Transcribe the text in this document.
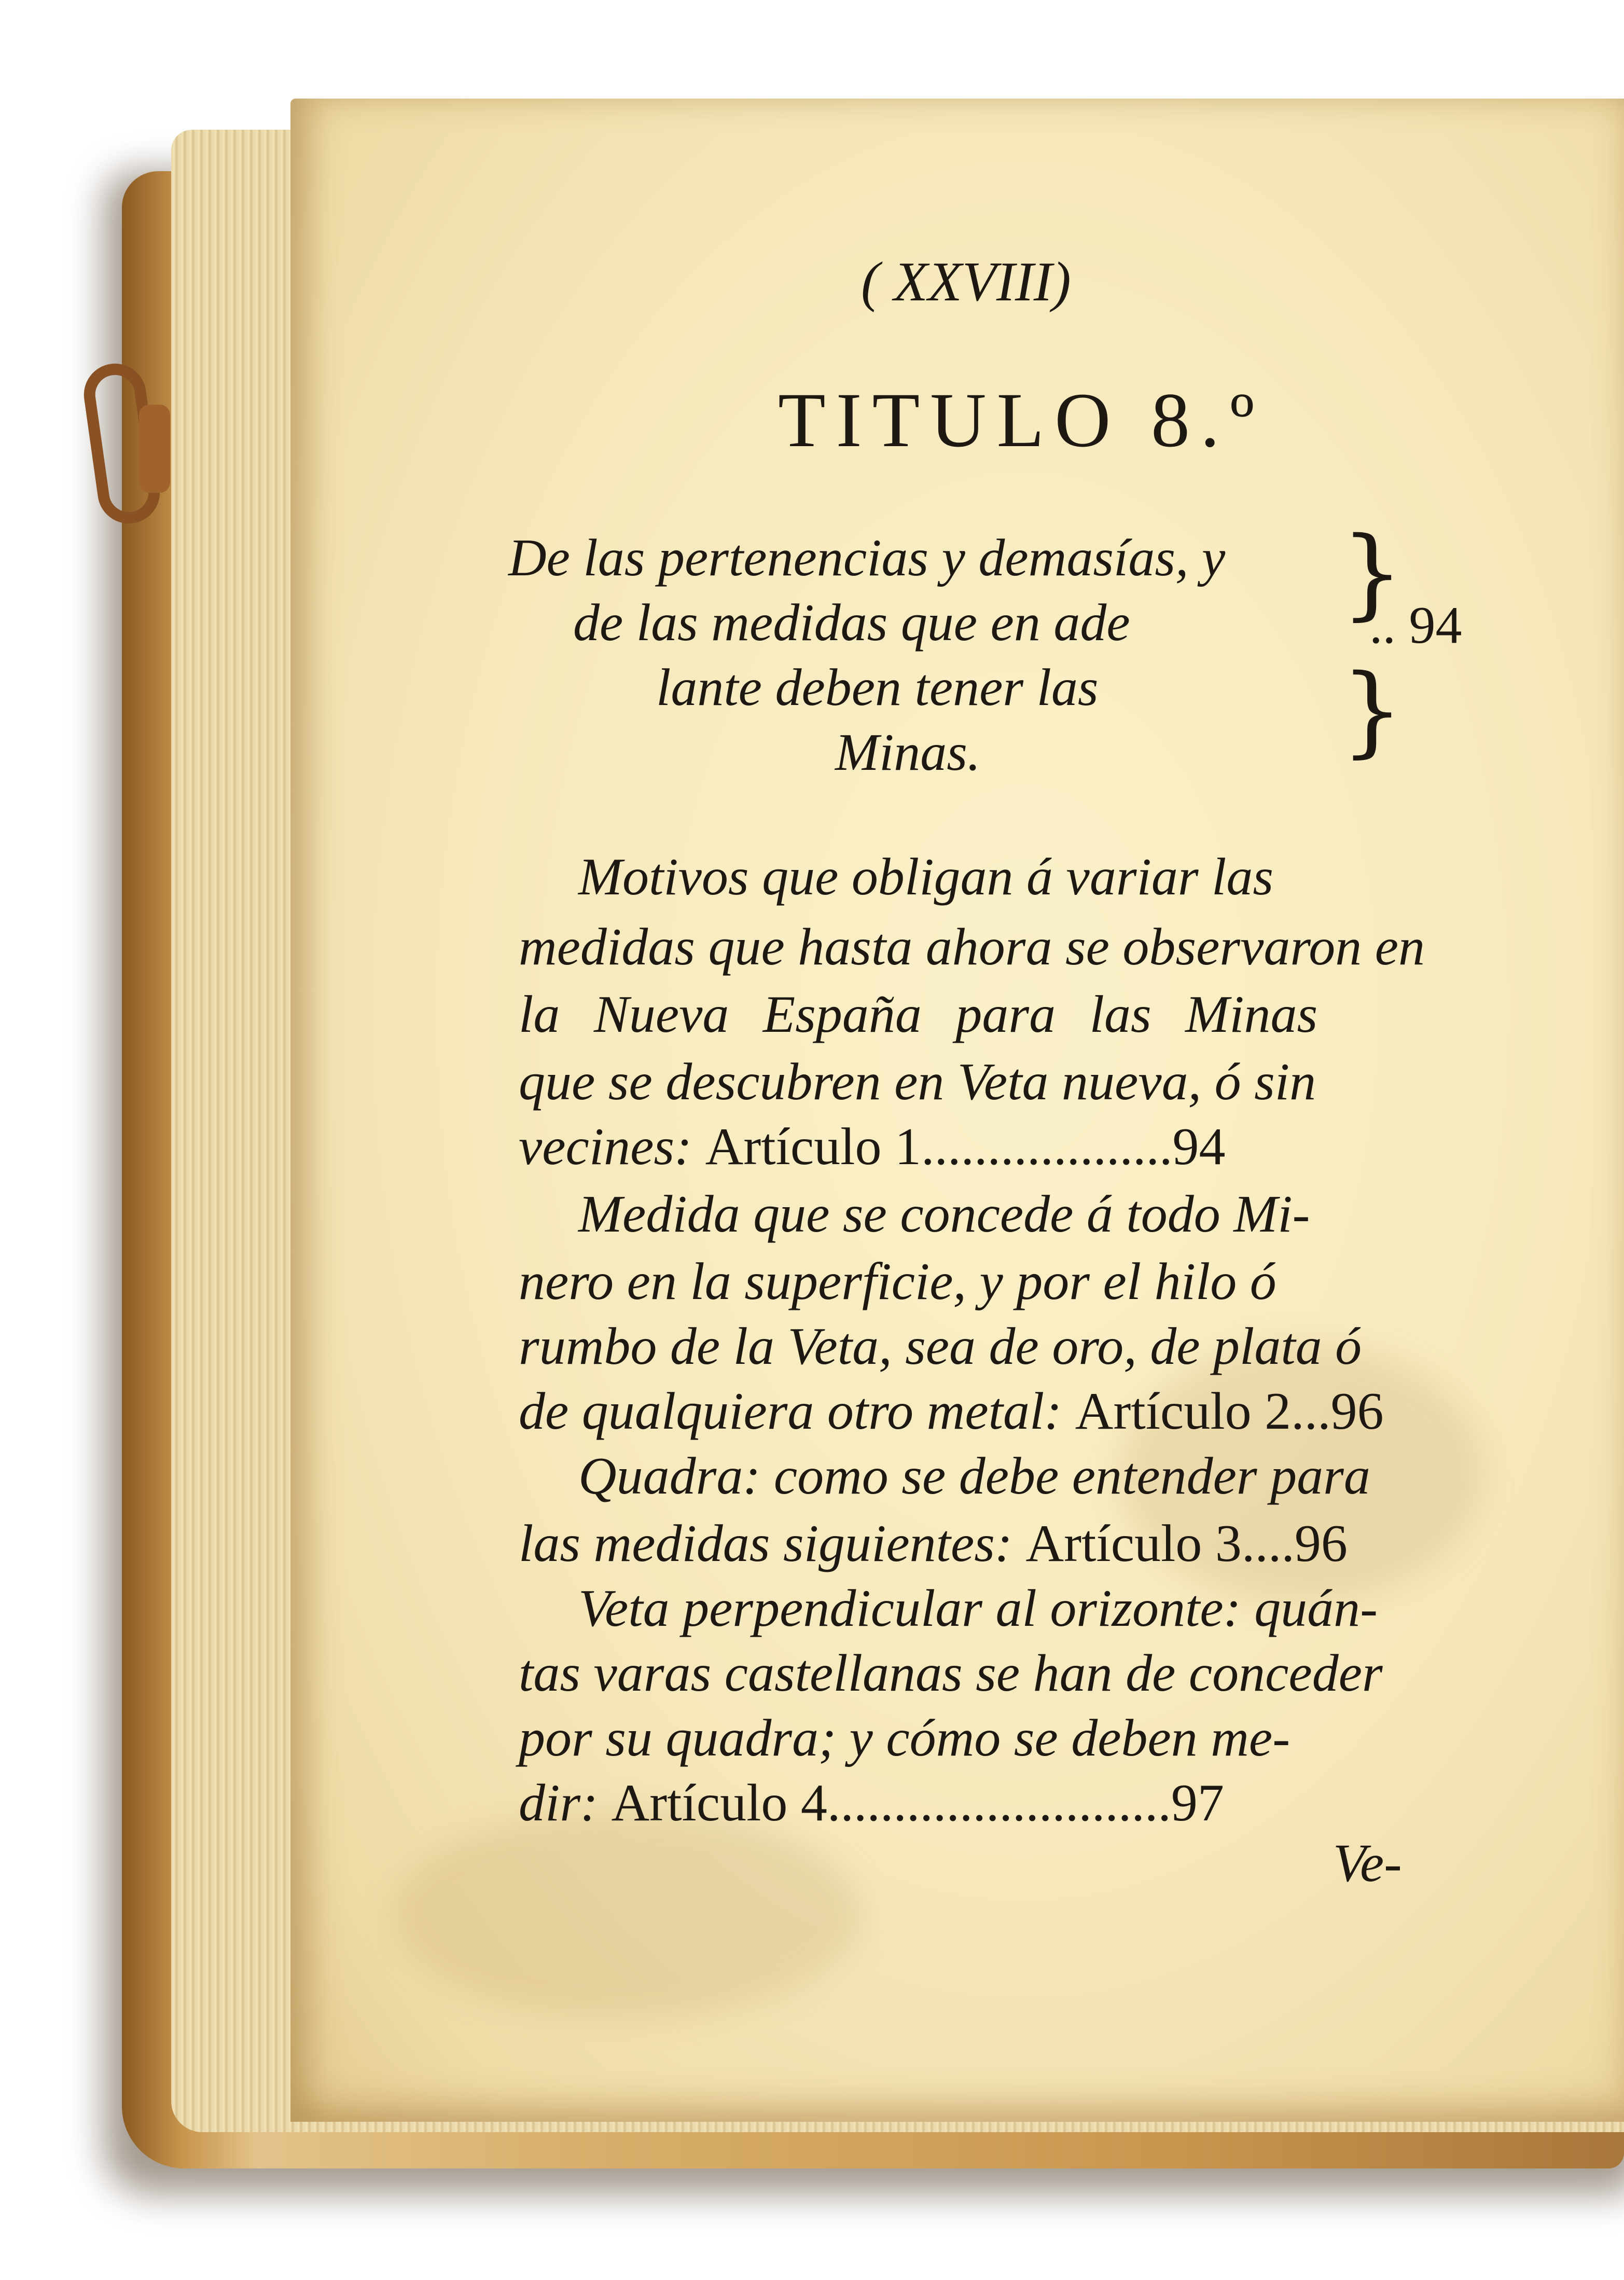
( XXVIII)
TITULO 8.º
De las pertenencias y demasías, y
de las medidas que en ade
lante deben tener las
Minas.
}
}
.. 94
Motivos que obligan á variar las
medidas que hasta ahora se observaron en
la Nueva España para las Minas
que se descubren en Veta nueva, ó sin
vecines: Artículo 1...................94
Medida que se concede á todo Mi-
nero en la superficie, y por el hilo ó
rumbo de la Veta, sea de oro, de plata ó
de qualquiera otro metal: Artículo 2...96
Quadra: como se debe entender para
las medidas siguientes: Artículo 3....96
Veta perpendicular al orizonte: quán-
tas varas castellanas se han de conceder
por su quadra; y cómo se deben me-
dir: Artículo 4..........................97
Ve-
